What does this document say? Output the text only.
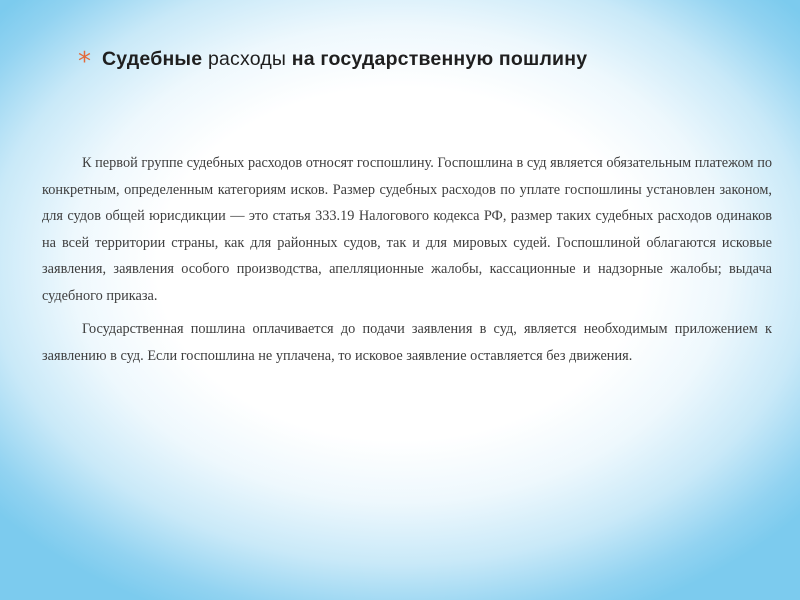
* Судебные расходы на государственную пошлину

К первой группе судебных расходов относят госпошлину. Госпошлина в суд является обязательным платежом по конкретным, определенным категориям исков. Размер судебных расходов по уплате госпошлины установлен законом, для судов общей юрисдикции — это статья 333.19 Налогового кодекса РФ, размер таких судебных расходов одинаков на всей территории страны, как для районных судов, так и для мировых судей. Госпошлиной облагаются исковые заявления, заявления особого производства, апелляционные жалобы, кассационные и надзорные жалобы; выдача судебного приказа.

Государственная пошлина оплачивается до подачи заявления в суд, является необходимым приложением к заявлению в суд. Если госпошлина не уплачена, то исковое заявление оставляется без движения.
